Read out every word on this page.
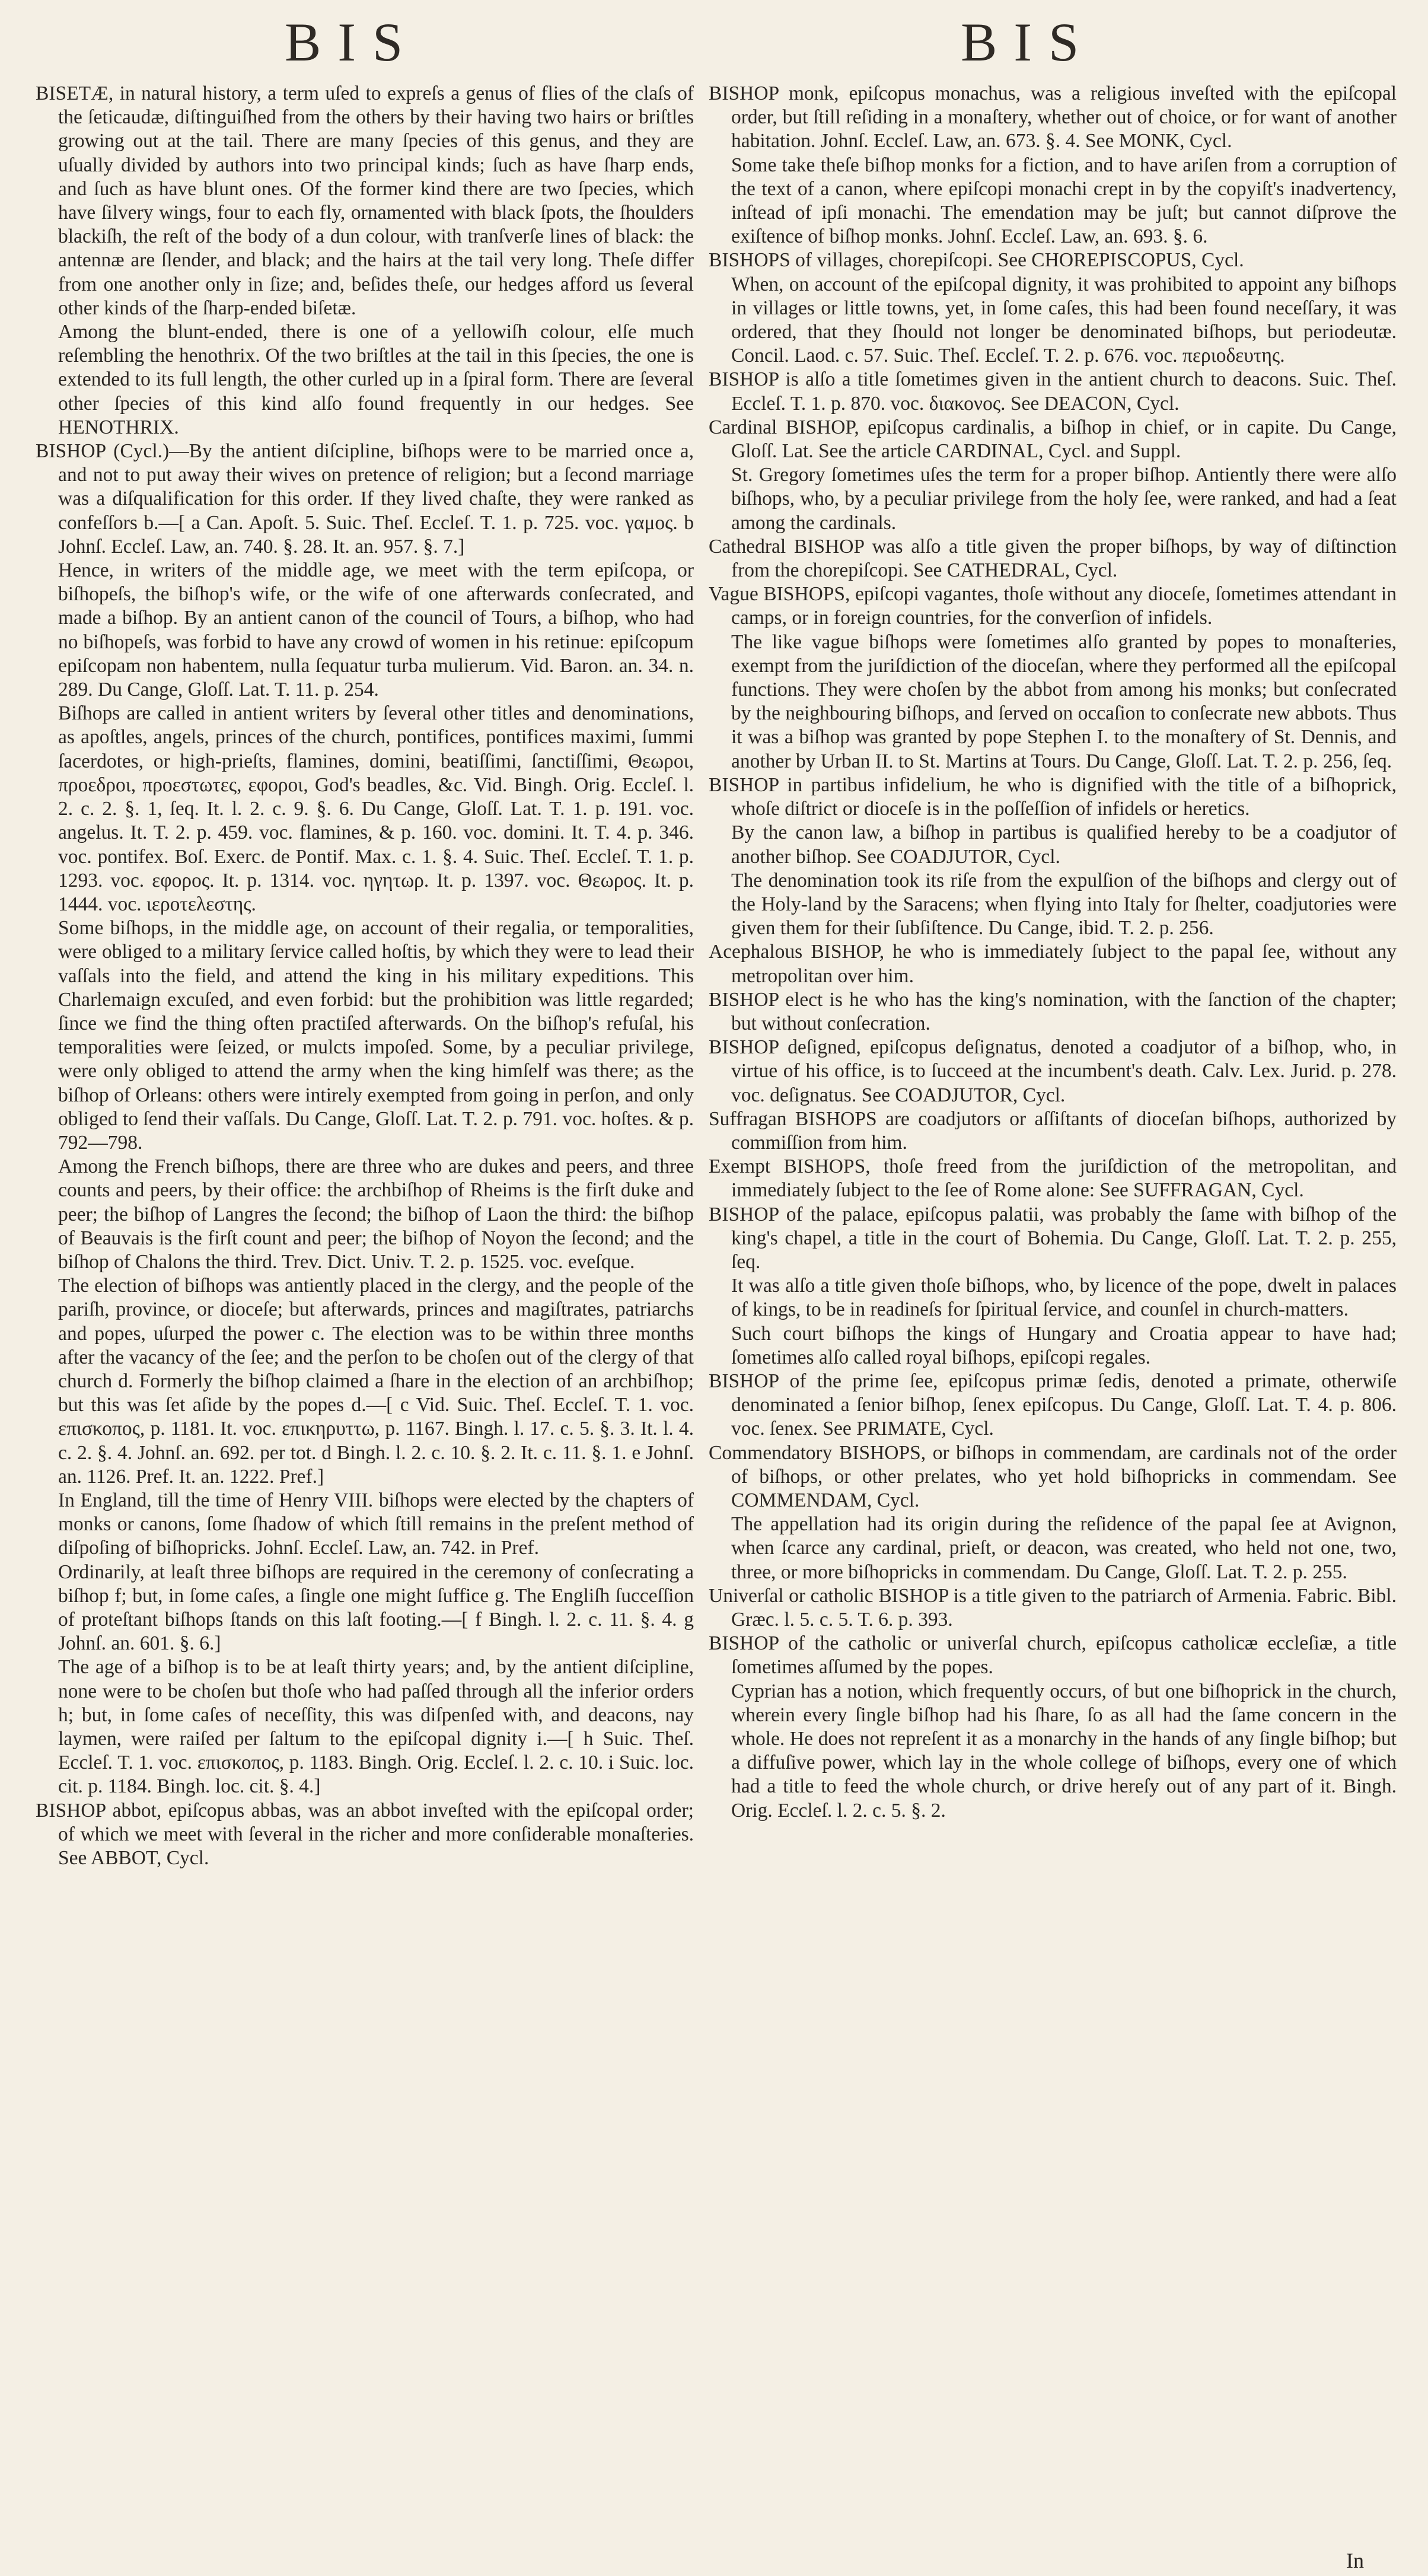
BIS	BIS

BISETÆ, in natural history, a term uſed to expreſs a genus of flies of the claſs of the ſeticaudæ, diſtinguiſhed from the others by their having two hairs or briſtles growing out at the tail. There are many ſpecies of this genus, and they are uſually divided by authors into two principal kinds; ſuch as have ſharp ends, and ſuch as have blunt ones. Of the former kind there are two ſpecies, which have ſilvery wings, four to each fly, ornamented with black ſpots, the ſhoulders blackiſh, the reſt of the body of a dun colour, with tranſverſe lines of black: the antennæ are ſlender, and black; and the hairs at the tail very long. Theſe differ from one another only in ſize; and, beſides theſe, our hedges afford us ſeveral other kinds of the ſharp-ended biſetæ.

Among the blunt-ended, there is one of a yellowiſh colour, elſe much reſembling the henothrix. Of the two briſtles at the tail in this ſpecies, the one is extended to its full length, the other curled up in a ſpiral form. There are ſeveral other ſpecies of this kind alſo found frequently in our hedges. See HENOTHRIX.

BISHOP (Cycl.)—By the antient diſcipline, biſhops were to be married once a, and not to put away their wives on pretence of religion; but a ſecond marriage was a diſqualification for this order. If they lived chaſte, they were ranked as confeſſors b.—[ a Can. Apoſt. 5. Suic. Theſ. Eccleſ. T. 1. p. 725. voc. γαμος. b Johnſ. Eccleſ. Law, an. 740. §. 28. It. an. 957. §. 7.]

Hence, in writers of the middle age, we meet with the term epiſcopa, or biſhopeſs, the biſhop's wife, or the wife of one afterwards conſecrated, and made a biſhop. By an antient canon of the council of Tours, a biſhop, who had no biſhopeſs, was forbid to have any crowd of women in his retinue: epiſcopum epiſcopam non habentem, nulla ſequatur turba mulierum. Vid. Baron. an. 34. n. 289. Du Cange, Gloſſ. Lat. T. 11. p. 254.

Biſhops are called in antient writers by ſeveral other titles and denominations, as apoſtles, angels, princes of the church, pontifices, pontifices maximi, ſummi ſacerdotes, or high-prieſts, flamines, domini, beatiſſimi, ſanctiſſimi, Θεωροι, προεδροι, προεστωτες, εφοροι, God's beadles, &c. Vid. Bingh. Orig. Eccleſ. l. 2. c. 2. §. 1, ſeq. It. l. 2. c. 9. §. 6. Du Cange, Gloſſ. Lat. T. 1. p. 191. voc. angelus. It. T. 2. p. 459. voc. flamines, & p. 160. voc. domini. It. T. 4. p. 346. voc. pontifex. Boſ. Exerc. de Pontif. Max. c. 1. §. 4. Suic. Theſ. Eccleſ. T. 1. p. 1293. voc. εφορος. It. p. 1314. voc. ηγητωρ. It. p. 1397. voc. Θεωρος. It. p. 1444. voc. ιεροτελεστης.

Some biſhops, in the middle age, on account of their regalia, or temporalities, were obliged to a military ſervice called hoſtis, by which they were to lead their vaſſals into the field, and attend the king in his military expeditions. This Charlemaign excuſed, and even forbid: but the prohibition was little regarded; ſince we find the thing often practiſed afterwards. On the biſhop's refuſal, his temporalities were ſeized, or mulcts impoſed. Some, by a peculiar privilege, were only obliged to attend the army when the king himſelf was there; as the biſhop of Orleans: others were intirely exempted from going in perſon, and only obliged to ſend their vaſſals. Du Cange, Gloſſ. Lat. T. 2. p. 791. voc. hoſtes. & p. 792—798.

Among the French biſhops, there are three who are dukes and peers, and three counts and peers, by their office: the archbiſhop of Rheims is the firſt duke and peer; the biſhop of Langres the ſecond; the biſhop of Laon the third: the biſhop of Beauvais is the firſt count and peer; the biſhop of Noyon the ſecond; and the biſhop of Chalons the third. Trev. Dict. Univ. T. 2. p. 1525. voc. eveſque.

The election of biſhops was antiently placed in the clergy, and the people of the pariſh, province, or dioceſe; but afterwards, princes and magiſtrates, patriarchs and popes, uſurped the power c. The election was to be within three months after the vacancy of the ſee; and the perſon to be choſen out of the clergy of that church d. Formerly the biſhop claimed a ſhare in the election of an archbiſhop; but this was ſet aſide by the popes d.—[ c Vid. Suic. Theſ. Eccleſ. T. 1. voc. επισκοπος, p. 1181. It. voc. επικηρυττω, p. 1167. Bingh. l. 17. c. 5. §. 3. It. l. 4. c. 2. §. 4. Johnſ. an. 692. per tot. d Bingh. l. 2. c. 10. §. 2. It. c. 11. §. 1. e Johnſ. an. 1126. Pref. It. an. 1222. Pref.]

In England, till the time of Henry VIII. biſhops were elected by the chapters of monks or canons, ſome ſhadow of which ſtill remains in the preſent method of diſpoſing of biſhopricks. Johnſ. Eccleſ. Law, an. 742. in Pref.

Ordinarily, at leaſt three biſhops are required in the ceremony of conſecrating a biſhop f; but, in ſome caſes, a ſingle one might ſuffice g. The Engliſh ſucceſſion of proteſtant biſhops ſtands on this laſt footing.—[ f Bingh. l. 2. c. 11. §. 4. g Johnſ. an. 601. §. 6.]

The age of a biſhop is to be at leaſt thirty years; and, by the antient diſcipline, none were to be choſen but thoſe who had paſſed through all the inferior orders h; but, in ſome caſes of neceſſity, this was diſpenſed with, and deacons, nay laymen, were raiſed per ſaltum to the epiſcopal dignity i.—[ h Suic. Theſ. Eccleſ. T. 1. voc. επισκοπος, p. 1183. Bingh. Orig. Eccleſ. l. 2. c. 10. i Suic. loc. cit. p. 1184. Bingh. loc. cit. §. 4.]

BISHOP abbot, epiſcopus abbas, was an abbot inveſted with the epiſcopal order; of which we meet with ſeveral in the richer and more conſiderable monaſteries. See ABBOT, Cycl.

BISHOP monk, epiſcopus monachus, was a religious inveſted with the epiſcopal order, but ſtill reſiding in a monaſtery, whether out of choice, or for want of another habitation. Johnſ. Eccleſ. Law, an. 673. §. 4. See MONK, Cycl.

Some take theſe biſhop monks for a fiction, and to have ariſen from a corruption of the text of a canon, where epiſcopi monachi crept in by the copyiſt's inadvertency, inſtead of ipſi monachi. The emendation may be juſt; but cannot diſprove the exiſtence of biſhop monks. Johnſ. Eccleſ. Law, an. 693. §. 6.

BISHOPS of villages, chorepiſcopi. See CHOREPISCOPUS, Cycl.

When, on account of the epiſcopal dignity, it was prohibited to appoint any biſhops in villages or little towns, yet, in ſome caſes, this had been found neceſſary, it was ordered, that they ſhould not longer be denominated biſhops, but periodeutæ. Concil. Laod. c. 57. Suic. Theſ. Eccleſ. T. 2. p. 676. voc. περιοδευτης.

BISHOP is alſo a title ſometimes given in the antient church to deacons. Suic. Theſ. Eccleſ. T. 1. p. 870. voc. διακονος. See DEACON, Cycl.

Cardinal BISHOP, epiſcopus cardinalis, a biſhop in chief, or in capite. Du Cange, Gloſſ. Lat. See the article CARDINAL, Cycl. and Suppl.

St. Gregory ſometimes uſes the term for a proper biſhop. Antiently there were alſo biſhops, who, by a peculiar privilege from the holy ſee, were ranked, and had a ſeat among the cardinals.

Cathedral BISHOP was alſo a title given the proper biſhops, by way of diſtinction from the chorepiſcopi. See CATHEDRAL, Cycl.

Vague BISHOPS, epiſcopi vagantes, thoſe without any dioceſe, ſometimes attendant in camps, or in foreign countries, for the converſion of infidels.

The like vague biſhops were ſometimes alſo granted by popes to monaſteries, exempt from the juriſdiction of the dioceſan, where they performed all the epiſcopal functions. They were choſen by the abbot from among his monks; but conſecrated by the neighbouring biſhops, and ſerved on occaſion to conſecrate new abbots. Thus it was a biſhop was granted by pope Stephen I. to the monaſtery of St. Dennis, and another by Urban II. to St. Martins at Tours. Du Cange, Gloſſ. Lat. T. 2. p. 256, ſeq.

BISHOP in partibus infidelium, he who is dignified with the title of a biſhoprick, whoſe diſtrict or dioceſe is in the poſſeſſion of infidels or heretics.

By the canon law, a biſhop in partibus is qualified hereby to be a coadjutor of another biſhop. See COADJUTOR, Cycl.

The denomination took its riſe from the expulſion of the biſhops and clergy out of the Holy-land by the Saracens; when flying into Italy for ſhelter, coadjutories were given them for their ſubſiſtence. Du Cange, ibid. T. 2. p. 256.

Acephalous BISHOP, he who is immediately ſubject to the papal ſee, without any metropolitan over him.

BISHOP elect is he who has the king's nomination, with the ſanction of the chapter; but without conſecration.

BISHOP deſigned, epiſcopus deſignatus, denoted a coadjutor of a biſhop, who, in virtue of his office, is to ſucceed at the incumbent's death. Calv. Lex. Jurid. p. 278. voc. deſignatus. See COADJUTOR, Cycl.

Suffragan BISHOPS are coadjutors or aſſiſtants of dioceſan biſhops, authorized by commiſſion from him.

Exempt BISHOPS, thoſe freed from the juriſdiction of the metropolitan, and immediately ſubject to the ſee of Rome alone: See SUFFRAGAN, Cycl.

BISHOP of the palace, epiſcopus palatii, was probably the ſame with biſhop of the king's chapel, a title in the court of Bohemia. Du Cange, Gloſſ. Lat. T. 2. p. 255, ſeq.

It was alſo a title given thoſe biſhops, who, by licence of the pope, dwelt in palaces of kings, to be in readineſs for ſpiritual ſervice, and counſel in church-matters.

Such court biſhops the kings of Hungary and Croatia appear to have had; ſometimes alſo called royal biſhops, epiſcopi regales.

BISHOP of the prime ſee, epiſcopus primæ ſedis, denoted a primate, otherwiſe denominated a ſenior biſhop, ſenex epiſcopus. Du Cange, Gloſſ. Lat. T. 4. p. 806. voc. ſenex. See PRIMATE, Cycl.

Commendatory BISHOPS, or biſhops in commendam, are cardinals not of the order of biſhops, or other prelates, who yet hold biſhopricks in commendam. See COMMENDAM, Cycl.

The appellation had its origin during the reſidence of the papal ſee at Avignon, when ſcarce any cardinal, prieſt, or deacon, was created, who held not one, two, three, or more biſhopricks in commendam. Du Cange, Gloſſ. Lat. T. 2. p. 255.

Univerſal or catholic BISHOP is a title given to the patriarch of Armenia. Fabric. Bibl. Græc. l. 5. c. 5. T. 6. p. 393.

BISHOP of the catholic or univerſal church, epiſcopus catholicæ eccleſiæ, a title ſometimes aſſumed by the popes.

Cyprian has a notion, which frequently occurs, of but one biſhoprick in the church, wherein every ſingle biſhop had his ſhare, ſo as all had the ſame concern in the whole. He does not repreſent it as a monarchy in the hands of any ſingle biſhop; but a diffuſive power, which lay in the whole college of biſhops, every one of which had a title to feed the whole church, or drive hereſy out of any part of it. Bingh. Orig. Eccleſ. l. 2. c. 5. §. 2.

In
